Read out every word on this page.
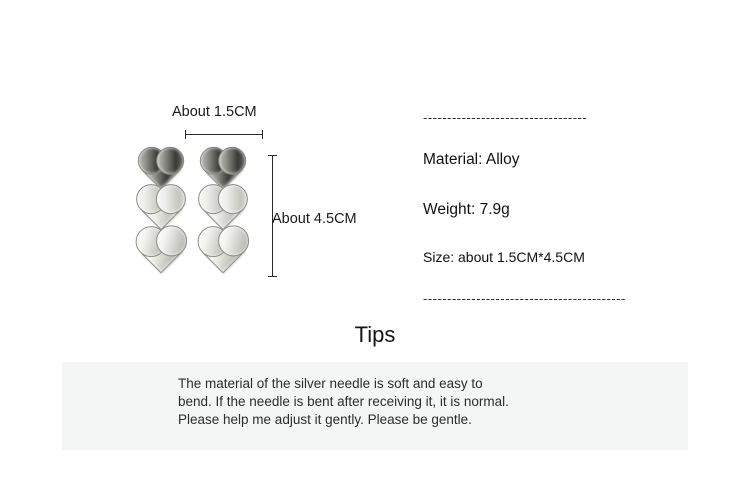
About 1.5CM
About 4.5CM
----------------------------------
Material: Alloy
Weight: 7.9g
Size: about 1.5CM*4.5CM
------------------------------------------
Tips
The material of the silver needle is soft and easy to
bend. If the needle is bent after receiving it, it is normal.
Please help me adjust it gently. Please be gentle.
